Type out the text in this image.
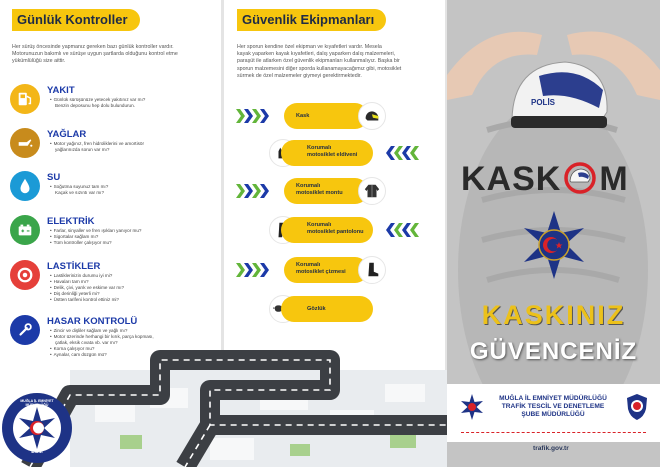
Günlük Kontroller
Her sürüş öncesinde yapmanız gereken bazı günlük kontroller vardır.
Motorunuzun bakımlı ve sürüşe uygun şartlarda olduğunu kontrol etme
yükümlülüğü size aittir.
YAKIT
• Günlük sürüşünüze yetecek yakıtınız var mı?
Benzin deposunu hep dolu bulundurun.
YAĞLAR
• Motor yağınız, fren hidroliklerini ve amortisör
yağlarınızda sorun var mı?
SU
• Soğutma suyunuz tam mı?
Kaçak ve sızıntı var mı?
ELEKTRİK
• Farlar, sinyaller ve fren ışıkları yanıyor mu?
• Sigortalar sağlam mı?
• Tüm kontroller çalışıyor mu?
LASTİKLER
• Lastiklerinizin durumu iyi mi?
• Havaları tam mı?
• Delik, çivi, yarık ve eskime var mı?
• Diş derinliği yeterli mi?
• Üstten tarifeni kontrol ettiniz mi?
HASAR KONTROLÜ
• Zincir ve dişliler sağlam ve yağlı mı?
• Motor üzerinde herhangi bir kırık, parça kopması,
çatlak, eksik cıvata vb. var mı?
• Korna çalışıyor mu?
• Aynalar, cam düzgün mü?
Güvenlik Ekipmanları
Her sporun kendine özel ekipman ve kıyafetleri vardır. Mesela
kayak yaparken kayak kıyafetleri, dalış yaparken dalış malzemeleri,
paraşüt ile atlarken özel güvenlik ekipmanları kullanmalıyız. Başka bir
sporun malzemesini diğer sporda kullanamayacağımız gibi, motosiklet
sürmek de özel malzemeler giymeyi gerektirmektedir.
Kask
Korumalı
motosiklet eldiveni
Korumalı
motosiklet montu
Korumalı
motosiklet pantolonu
Korumalı
motosiklet çizmesi
Gözlük
POLİS
KASK M
KASKINIZ
GÜVENCENİZ
MUĞLA İL EMNİYET MÜDÜRLÜĞÜ
TRAFİK TESCİL VE DENETLEME
ŞUBE MÜDÜRLÜĞÜ
trafik.gov.tr
MUĞLA İL EMNİYET MÜDÜRLÜĞÜ
EGM
